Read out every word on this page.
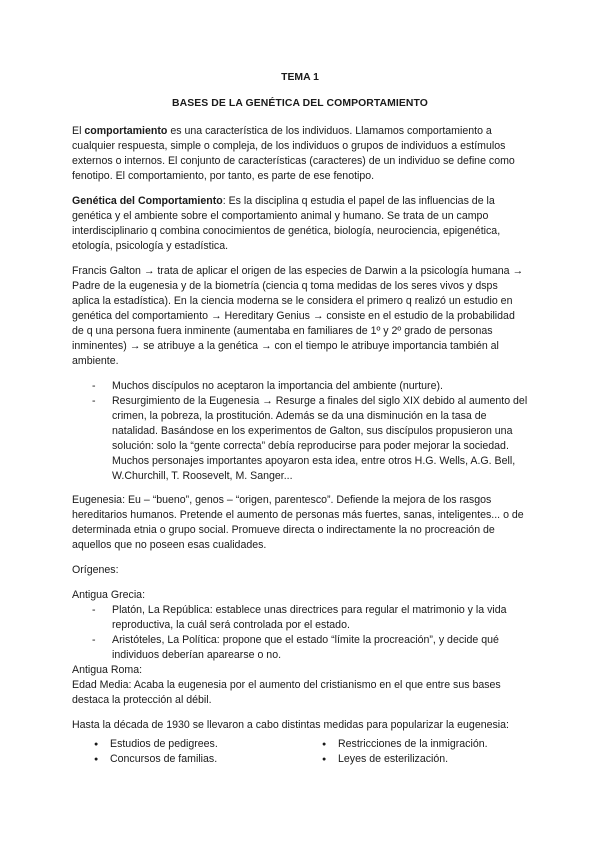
TEMA 1

BASES DE LA GENÉTICA DEL COMPORTAMIENTO

El comportamiento es una característica de los individuos. Llamamos comportamiento a cualquier respuesta, simple o compleja, de los individuos o grupos de individuos a estímulos externos o internos. El conjunto de características (caracteres) de un individuo se define como fenotipo. El comportamiento, por tanto, es parte de ese fenotipo.

Genética del Comportamiento: Es la disciplina q estudia el papel de las influencias de la genética y el ambiente sobre el comportamiento animal y humano. Se trata de un campo interdisciplinario q combina conocimientos de genética, biología, neurociencia, epigenética, etología, psicología y estadística.

Francis Galton → trata de aplicar el origen de las especies de Darwin a la psicología humana → Padre de la eugenesia y de la biometría (ciencia q toma medidas de los seres vivos y dsps aplica la estadística). En la ciencia moderna se le considera el primero q realizó un estudio en genética del comportamiento → Hereditary Genius → consiste en el estudio de la probabilidad de q una persona fuera inminente (aumentaba en familiares de 1º y 2º grado de personas inminentes) → se atribuye a la genética → con el tiempo le atribuye importancia también al ambiente.

- Muchos discípulos no aceptaron la importancia del ambiente (nurture).
- Resurgimiento de la Eugenesia → Resurge a finales del siglo XIX debido al aumento del crimen, la pobreza, la prostitución. Además se da una disminución en la tasa de natalidad. Basándose en los experimentos de Galton, sus discípulos propusieron una solución: solo la “gente correcta” debía reproducirse para poder mejorar la sociedad. Muchos personajes importantes apoyaron esta idea, entre otros H.G. Wells, A.G. Bell, W.Churchill, T. Roosevelt, M. Sanger...

Eugenesia: Eu – “bueno”, genos – “origen, parentesco”. Defiende la mejora de los rasgos hereditarios humanos. Pretende el aumento de personas más fuertes, sanas, inteligentes... o de determinada etnia o grupo social. Promueve directa o indirectamente la no procreación de aquellos que no poseen esas cualidades.

Orígenes:

Antigua Grecia:

- Platón, La República: establece unas directrices para regular el matrimonio y la vida reproductiva, la cuál será controlada por el estado.
- Aristóteles, La Política: propone que el estado “límite la procreación”, y decide qué individuos deberían aparearse o no.

Antigua Roma:

Edad Media: Acaba la eugenesia por el aumento del cristianismo en el que entre sus bases destaca la protección al débil.

Hasta la década de 1930 se llevaron a cabo distintas medidas para popularizar la eugenesia:

● Estudios de pedigrees.
● Concursos de familias.
● Restricciones de la inmigración.
● Leyes de esterilización.
